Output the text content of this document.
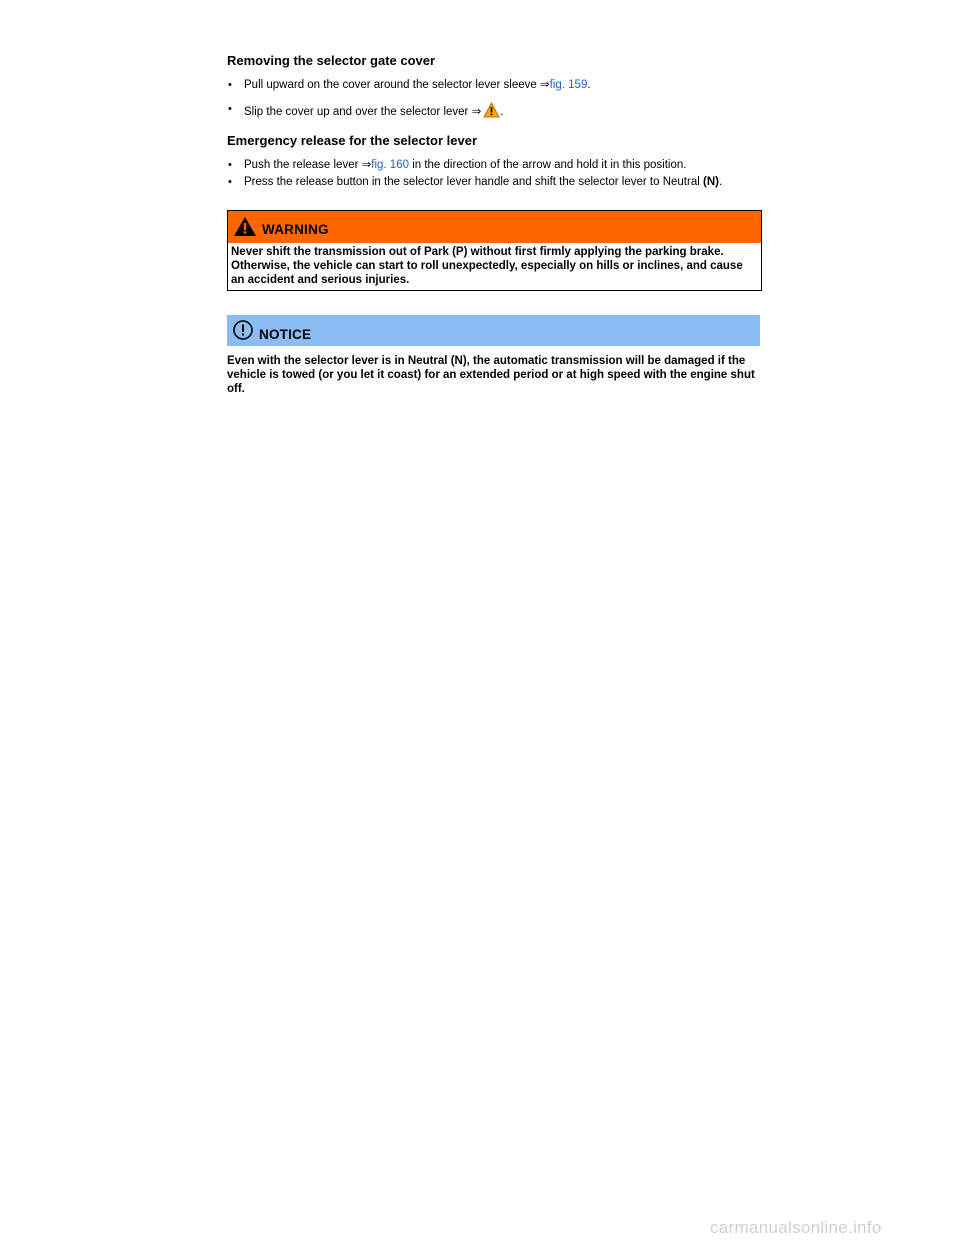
Removing the selector gate cover
• Pull upward on the cover around the selector lever sleeve ⇒fig. 159.
• Slip the cover up and over the selector lever ⇒ .
Emergency release for the selector lever
• Push the release lever ⇒fig. 160 in the direction of the arrow and hold it in this position.
• Press the release button in the selector lever handle and shift the selector lever to Neutral (N).
WARNING
Never shift the transmission out of Park (P) without first firmly applying the parking brake. Otherwise, the vehicle can start to roll unexpectedly, especially on hills or inclines, and cause an accident and serious injuries.
NOTICE
Even with the selector lever is in Neutral (N), the automatic transmission will be damaged if the vehicle is towed (or you let it coast) for an extended period or at high speed with the engine shut off.
carmanualsonline.info
